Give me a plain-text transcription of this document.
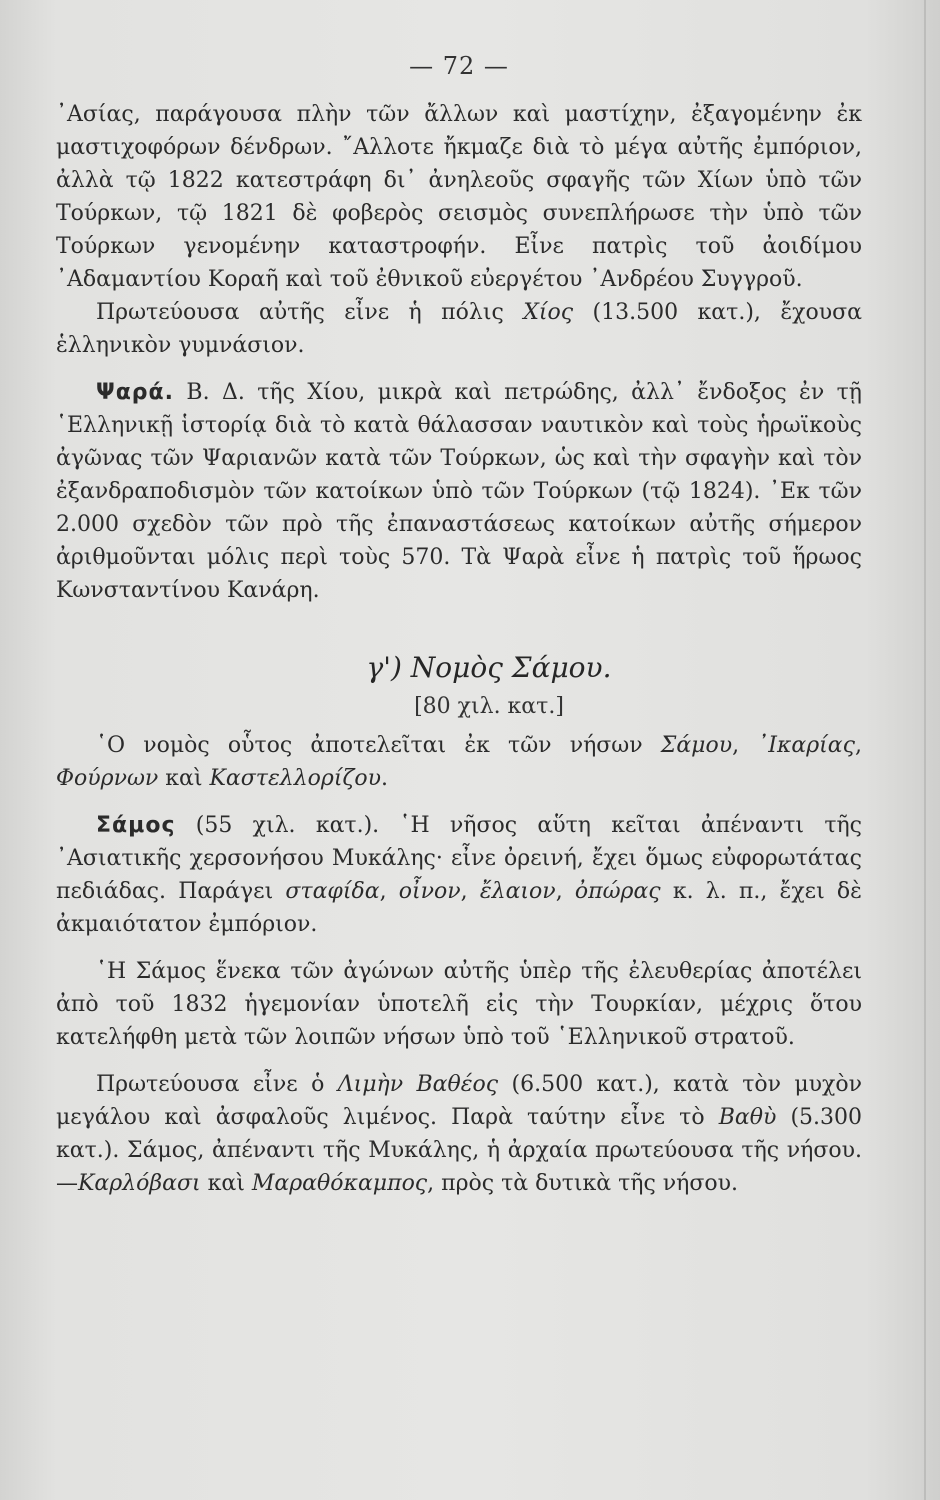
— 72 —

᾿Ασίας, παράγουσα πλὴν τῶν ἄλλων καὶ μαστίχην, ἐξαγομένην ἐκ μαστιχοφόρων δένδρων. ῎Αλλοτε ἤκμαζε διὰ τὸ μέγα αὐτῆς ἐμπόριον, ἀλλὰ τῷ 1822 κατεστράφη δι᾿ ἀνηλεοῦς σφαγῆς τῶν Χίων ὑπὸ τῶν Τούρκων, τῷ 1821 δὲ φοβερὸς σεισμὸς συνεπλήρωσε τὴν ὑπὸ τῶν Τούρκων γενομένην καταστροφήν. Εἶνε πατρὶς τοῦ ἀοιδίμου ᾿Αδαμαντίου Κοραῆ καὶ τοῦ ἐθνικοῦ εὐεργέτου ᾿Ανδρέου Συγγροῦ.

Πρωτεύουσα αὐτῆς εἶνε ἡ πόλις Χίος (13.500 κατ.), ἔχουσα ἑλληνικὸν γυμνάσιον.

Ψαρά. Β. Δ. τῆς Χίου, μικρὰ καὶ πετρώδης, ἀλλ᾿ ἔνδοξος ἐν τῇ ῾Ελληνικῇ ἱστορίᾳ διὰ τὸ κατὰ θάλασσαν ναυτικὸν καὶ τοὺς ἡρωϊκοὺς ἀγῶνας τῶν Ψαριανῶν κατὰ τῶν Τούρκων, ὡς καὶ τὴν σφαγὴν καὶ τὸν ἐξανδραποδισμὸν τῶν κατοίκων ὑπὸ τῶν Τούρκων (τῷ 1824). ᾿Εκ τῶν 2.000 σχεδὸν τῶν πρὸ τῆς ἐπαναστάσεως κατοίκων αὐτῆς σήμερον ἀριθμοῦνται μόλις περὶ τοὺς 570. Τὰ Ψαρὰ εἶνε ἡ πατρὶς τοῦ ἥρωος Κωνσταντίνου Κανάρη.

γ') Νομὸς Σάμου.
[80 χιλ. κατ.]

῾Ο νομὸς οὗτος ἀποτελεῖται ἐκ τῶν νήσων Σάμου, ᾿Ικαρίας, Φούρνων καὶ Καστελλορίζου.

Σάμος (55 χιλ. κατ.). ῾Η νῆσος αὕτη κεῖται ἀπέναντι τῆς ᾿Ασιατικῆς χερσονήσου Μυκάλης· εἶνε ὀρεινή, ἔχει ὅμως εὐφορωτάτας πεδιάδας. Παράγει σταφίδα, οἶνον, ἔλαιον, ὀπώρας κ. λ. π., ἔχει δὲ ἀκμαιότατον ἐμπόριον.

῾Η Σάμος ἕνεκα τῶν ἀγώνων αὐτῆς ὑπὲρ τῆς ἐλευθερίας ἀποτέλει ἀπὸ τοῦ 1832 ἡγεμονίαν ὑποτελῆ εἰς τὴν Τουρκίαν, μέχρις ὅτου κατελήφθη μετὰ τῶν λοιπῶν νήσων ὑπὸ τοῦ ῾Ελληνικοῦ στρατοῦ.

Πρωτεύουσα εἶνε ὁ Λιμὴν Βαθέος (6.500 κατ.), κατὰ τὸν μυχὸν μεγάλου καὶ ἀσφαλοῦς λιμένος. Παρὰ ταύτην εἶνε τὸ Βαθὺ (5.300 κατ.). Σάμος, ἀπέναντι τῆς Μυκάλης, ἡ ἀρχαία πρωτεύουσα τῆς νήσου.—Καρλόβασι καὶ Μαραθόκαμπος, πρὸς τὰ δυτικὰ τῆς νήσου.
